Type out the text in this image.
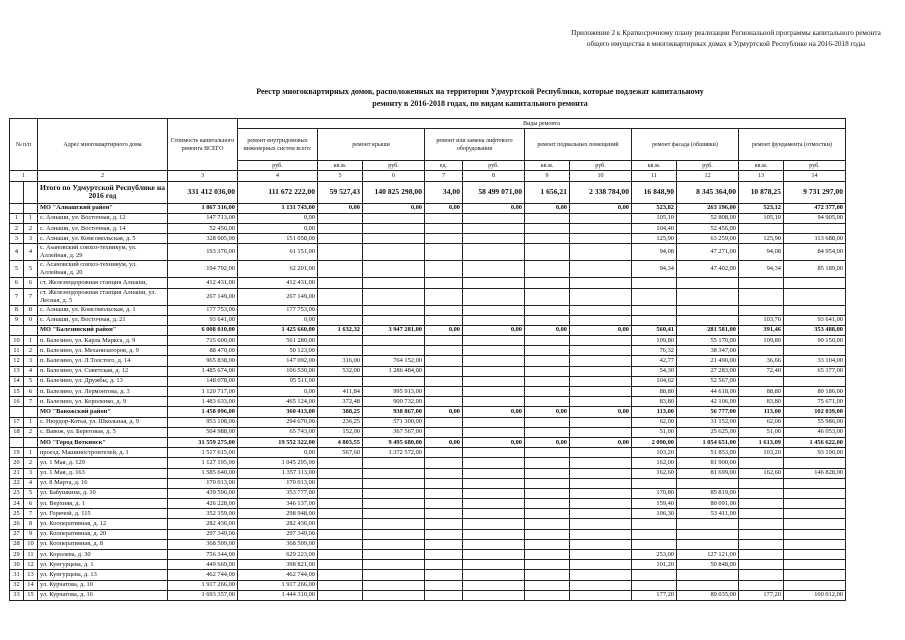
Приложение 2 к Краткосрочному плану реализации Региональной программы капитального ремонта общего имущества в многоквартирных домах в Удмуртской Республике на 2016-2018 годы
Реестр многоквартирных домов, расположенных на территории Удмуртской Республики, которые подлежат капитальному
ремонту в 2016-2018 годах, по видам капитального ремонта
№ п/п		Адрес многоквартирного дома	Стоимость капитального ремонта ВСЕГО	Виды ремонта										
				ремонт внутридомовых инженерных систем всего:	ремонт крыши		ремонт или замена лифтового оборудования		ремонт подвальных помещений		ремонт фасада (обшивки)		ремонт фундамента (отмостки)	
				руб.	кв.м.	руб.	ед.	руб.	кв.м.	руб.	кв.м.	руб.	кв.м.	руб.
1		2	3	4	5	6	7	8	9	10	11	12	13	14
		Итого по Удмуртской Республике на 2016 год	331 412 036,00	111 672 222,00	59 527,43	140 825 298,00	34,00	58 499 071,00	1 656,21	2 338 784,00	16 848,90	8 345 364,00	10 878,25	9 731 297,00
		МО "Алнашский район"	1 867 316,00	1 131 743,00	0,00	0,00	0,00	0,00	0,00	0,00	523,82	263 196,00	523,12	472 377,00
1	1	с. Алнаши, ул. Восточная, д. 12	147 713,00	0,00							105,10	52 808,00	105,10	94 905,00
2	2	с. Алнаши, ул. Восточная, д. 14	52 456,00	0,00							104,40	52 456,00		
3	3	с. Алнаши, ул. Комсомольская, д. 5	328 005,00	151 058,00							125,90	63 259,00	125,90	113 688,00
4	4	с. Asановский совхоз-техникум, ул. Аллейная, д. 29	193 376,00	61 151,00							94,08	47 271,00	94,08	84 954,00
5	5	с. Асановский совхоз-техникум, ул. Аллейная, д. 20	194 792,00	62 201,00							94,34	47 402,00	94,34	85 189,00
6	6	ст. Железнодорожная станция Алнаши,	412 431,00	412 431,00										
7	7	ст. Железнодорожная станция Алнаши, ул. Лесная, д. 5	267 149,00	267 149,00										
8	8	с. Алнаши, ул. Комсомольская, д. 1	177 753,00	177 753,00										
9	0	с. Алнаши, ул. Восточная, д. 21	93 641,00	0,00									103,70	93 641,00
		МО "Балезинский район"	6 008 010,00	1 425 660,00	1 632,32	3 947 281,00	0,00	0,00	0,00	0,00	560,41	281 581,00	391,46	353 488,00
10	1	п. Балезино, ул. Карла Маркса, д. 9	715 600,00	561 280,00							109,80	55 170,00	109,80	99 150,00
11	2	п. Балезино, ул. Механизаторов, д. 9	88 470,00	50 123,00							76,32	38 347,00		
12	3	п. Балезино, ул. Л.Толстого, д. 14	965 838,00	147 092,00	316,00	764 152,00					42,77	21 490,00	36,66	33 104,00
13	4	п. Балезино, ул. Советская, д. 12	1 485 674,00	106 530,00	532,00	1 286 484,00					54,30	27 283,00	72,40	65 377,00
14	5	п. Балезино, ул. Дружбы, д. 13	148 078,00	95 511,00							104,62	52 567,00		
15	6	п. Балезино, ул. Лермонтова, д. 3	1 120 717,00	0,00	411,84	995 913,00					88,80	44 618,00	88,80	80 186,00
16	7	п. Балезино, ул. Короленко, д. 9	1 483 633,00	465 124,00	372,48	900 732,00					83,80	42 106,00	83,80	75 671,00
		МО "Вавожский район"	1 458 096,00	360 413,00	388,25	938 867,00	0,00	0,00	0,00	0,00	113,00	56 777,00	113,00	102 039,00
17	1	с. Нюрдор-Котья, ул. Школьная, д. 9	953 108,00	294 670,00	236,25	571 300,00					62,00	31 152,00	62,00	55 986,00
18	2	с. Вавож, ул. Береговая, д. 5	504 988,00	65 743,00	152,00	367 567,00					51,00	25 625,00	51,00	46 053,00
		МО "Город Воткинск"	31 559 275,00	19 552 322,00	4 803,55	9 495 680,00	0,00	0,00	0,00	0,00	2 090,00	1 054 651,00	1 613,09	1 456 622,00
19	1	проезд. Машиностроителей, д. 1	1 517 615,00	0,00	567,60	1 372 572,00					103,20	51 853,00	103,20	93 190,00
20	2	ул. 1 Мая, д. 129	1 127 195,00	1 045 295,00							162,00	81 900,00		
21	3	ул. 1 Мая, д. 163	1 585 640,00	1 357 113,00							162,60	81 699,00	162,60	146 828,00
22	4	ул. 8 Марта, д. 16	170 013,00	170 013,00										
23	5	ул. Бабушкина, д. 10	439 596,00	353 777,00							170,80	85 819,00		
24	6	ул. Верхняя, д. 1	426 228,00	346 137,00							159,40	80 091,00		
25	7	ул. Горячой, д. 115	352 359,00	298 948,00							106,30	53 411,00		
26	8	ул. Кооперативная, д. 12	282 436,00	282 436,00										
27	9	ул. Кооперативная, д. 20	297 349,00	297 349,00										
28	10	ул. Кооперативная, д. 8	368 509,00	368 509,00										
29	11	ул. Королева, д. 30	756 344,00	629 223,00							253,00	127 121,00		
30	12	ул. Кунгурцева, д. 1	449 669,00	398 821,00							101,20	50 848,00		
31	13	ул. Кунгурцева, д. 13	462 744,00	462 744,00										
32	14	ул. Курчатова, д. 10	1 917 266,00	1 917 266,00										
33	15	ул. Курчатова, д. 16	1 693 357,00	1 444 310,00							177,20	89 035,00	177,20	160 012,00
